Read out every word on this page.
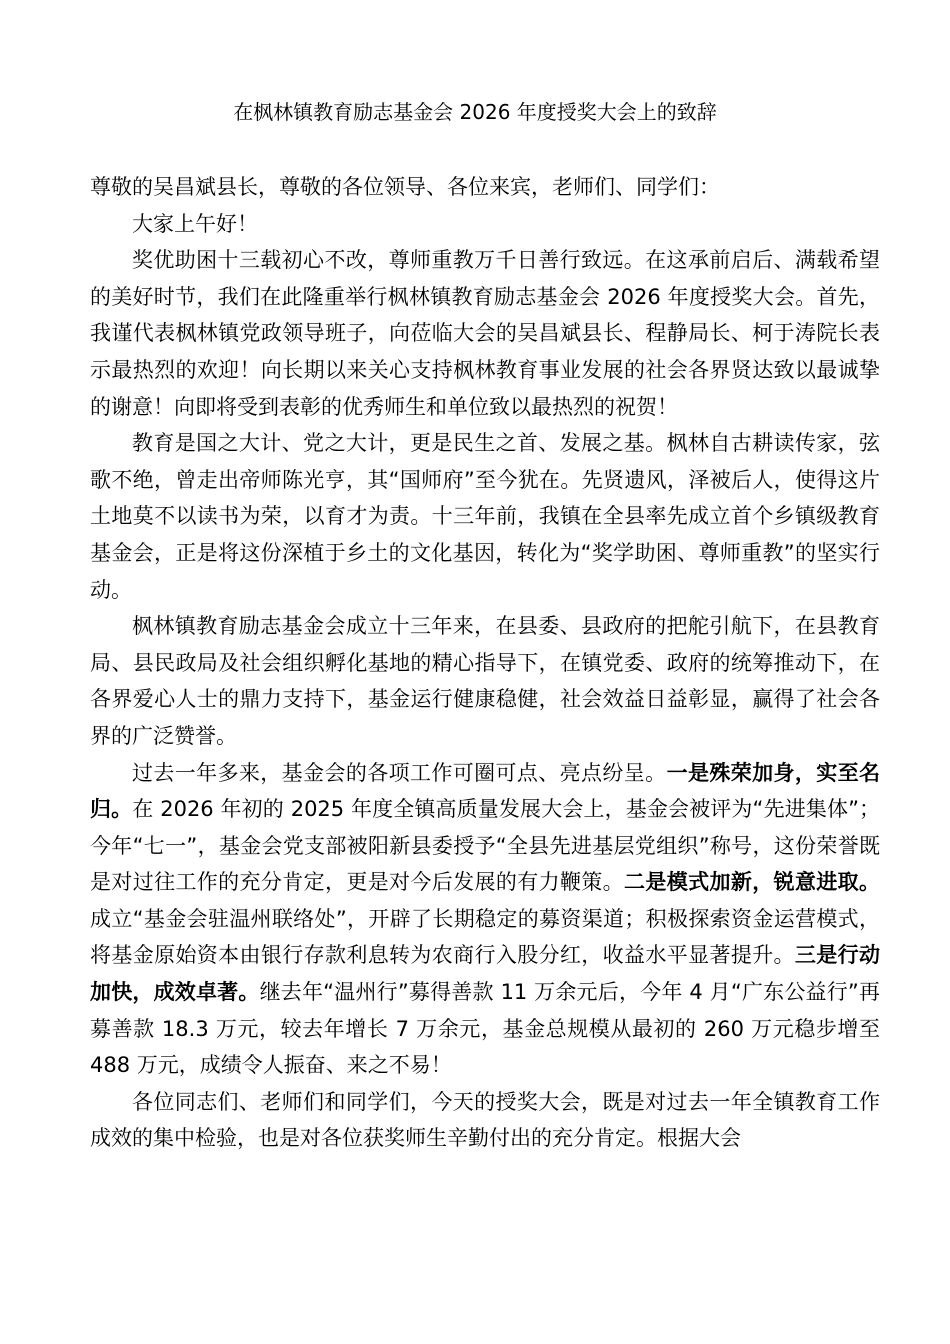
在枫林镇教育励志基金会 2026 年度授奖大会上的致辞

尊敬的吴昌斌县长，尊敬的各位领导、各位来宾，老师们、同学们：

大家上午好！

奖优助困十三载初心不改，尊师重教万千日善行致远。在这承前启后、满载希望的美好时节，我们在此隆重举行枫林镇教育励志基金会 2026 年度授奖大会。首先，我谨代表枫林镇党政领导班子，向莅临大会的吴昌斌县长、程静局长、柯于涛院长表示最热烈的欢迎！向长期以来关心支持枫林教育事业发展的社会各界贤达致以最诚挚的谢意！向即将受到表彰的优秀师生和单位致以最热烈的祝贺！

教育是国之大计、党之大计，更是民生之首、发展之基。枫林自古耕读传家，弦歌不绝，曾走出帝师陈光亨，其“国师府”至今犹在。先贤遗风，泽被后人，使得这片土地莫不以读书为荣，以育才为责。十三年前，我镇在全县率先成立首个乡镇级教育基金会，正是将这份深植于乡土的文化基因，转化为“奖学助困、尊师重教”的坚实行动。

枫林镇教育励志基金会成立十三年来，在县委、县政府的把舵引航下，在县教育局、县民政局及社会组织孵化基地的精心指导下，在镇党委、政府的统筹推动下，在各界爱心人士的鼎力支持下，基金运行健康稳健，社会效益日益彰显，赢得了社会各界的广泛赞誉。

过去一年多来，基金会的各项工作可圈可点、亮点纷呈。一是殊荣加身，实至名归。在 2026 年初的 2025 年度全镇高质量发展大会上，基金会被评为“先进集体”；今年“七一”，基金会党支部被阳新县委授予“全县先进基层党组织”称号，这份荣誉既是对过往工作的充分肯定，更是对今后发展的有力鞭策。二是模式加新，锐意进取。成立“基金会驻温州联络处”，开辟了长期稳定的募资渠道；积极探索资金运营模式，将基金原始资本由银行存款利息转为农商行入股分红，收益水平显著提升。三是行动加快，成效卓著。继去年“温州行”募得善款 11 万余元后，今年 4 月“广东公益行”再募善款 18.3 万元，较去年增长 7 万余元，基金总规模从最初的 260 万元稳步增至 488 万元，成绩令人振奋、来之不易！

各位同志们、老师们和同学们，今天的授奖大会，既是对过去一年全镇教育工作成效的集中检验，也是对各位获奖师生辛勤付出的充分肯定。根据大会
